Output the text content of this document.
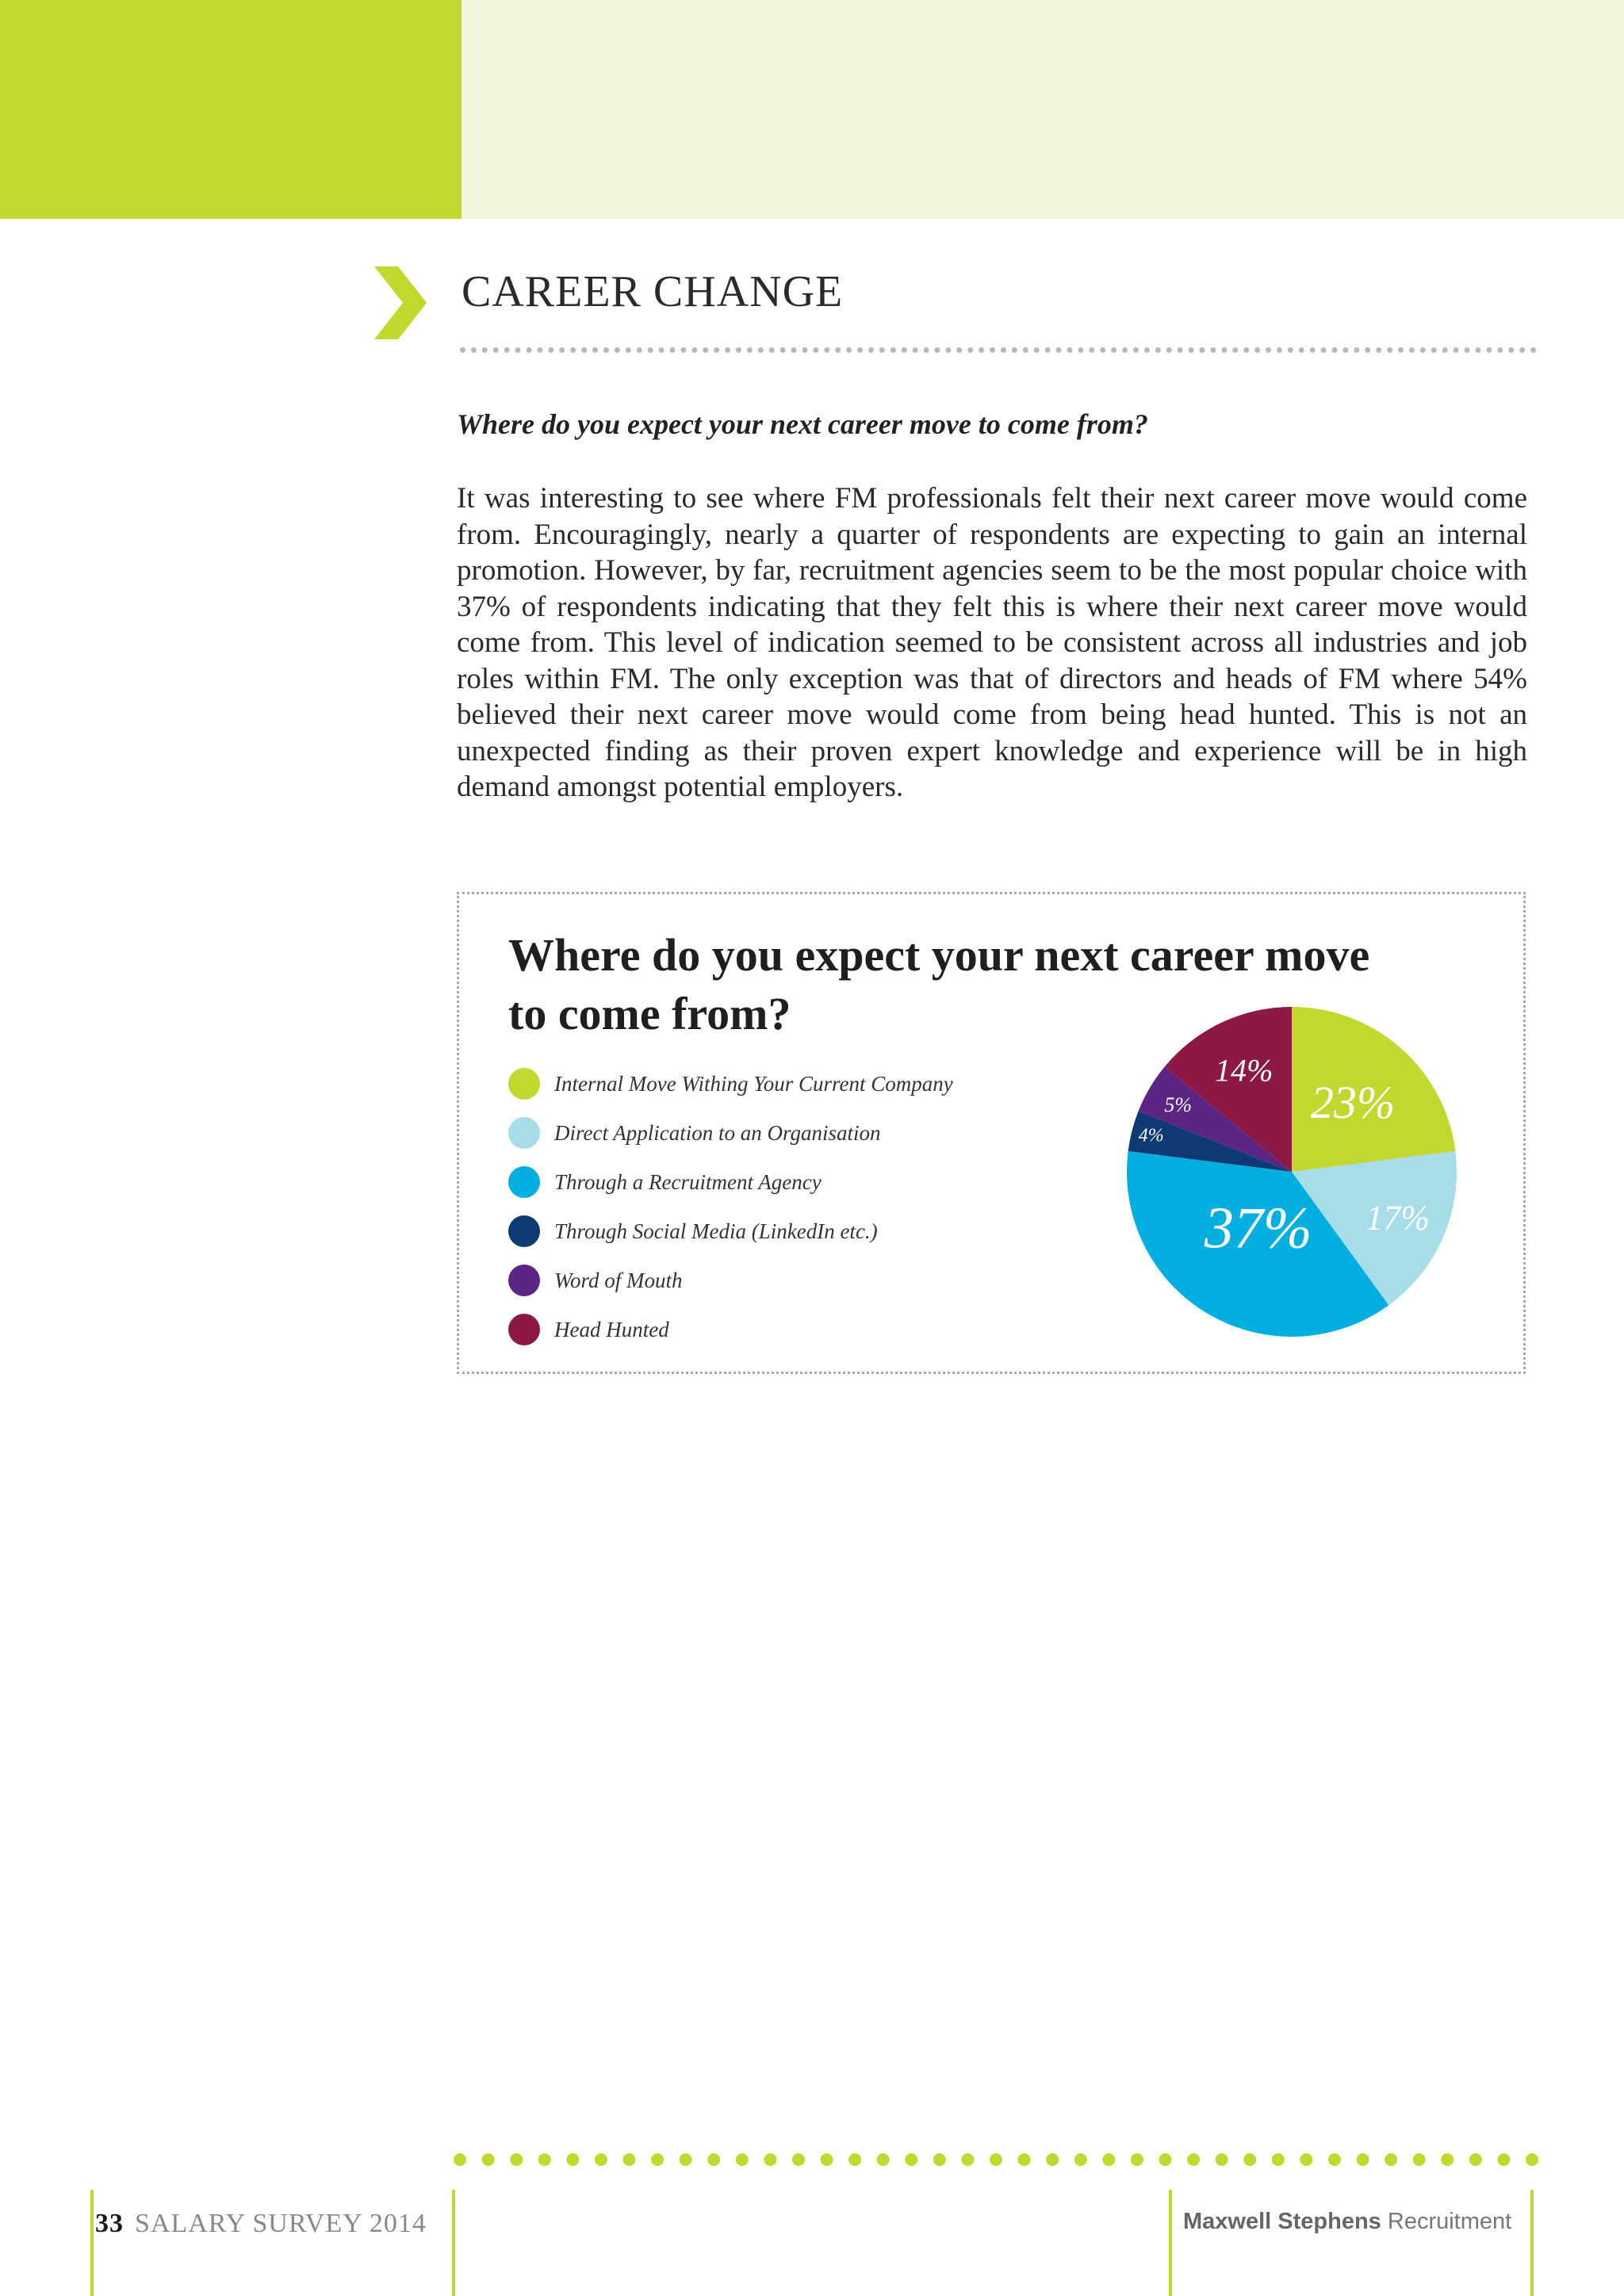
CAREER CHANGE

Where do you expect your next career move to come from?

It was interesting to see where FM professionals felt their next career move would come from. Encouragingly, nearly a quarter of respondents are expecting to gain an internal promotion. However, by far, recruitment agencies seem to be the most popular choice with 37% of respondents indicating that they felt this is where their next career move would come from. This level of indication seemed to be consistent across all industries and job roles within FM. The only exception was that of directors and heads of FM where 54% believed their next career move would come from being head hunted. This is not an unexpected finding as their proven expert knowledge and experience will be in high demand amongst potential employers.

Where do you expect your next career move to come from?
Internal Move Withing Your Current Company
Direct Application to an Organisation
Through a Recruitment Agency
Through Social Media (LinkedIn etc.)
Word of Mouth
Head Hunted
23%
17%
37%
4%
5%
14%

33 SALARY SURVEY 2014	Maxwell Stephens Recruitment
